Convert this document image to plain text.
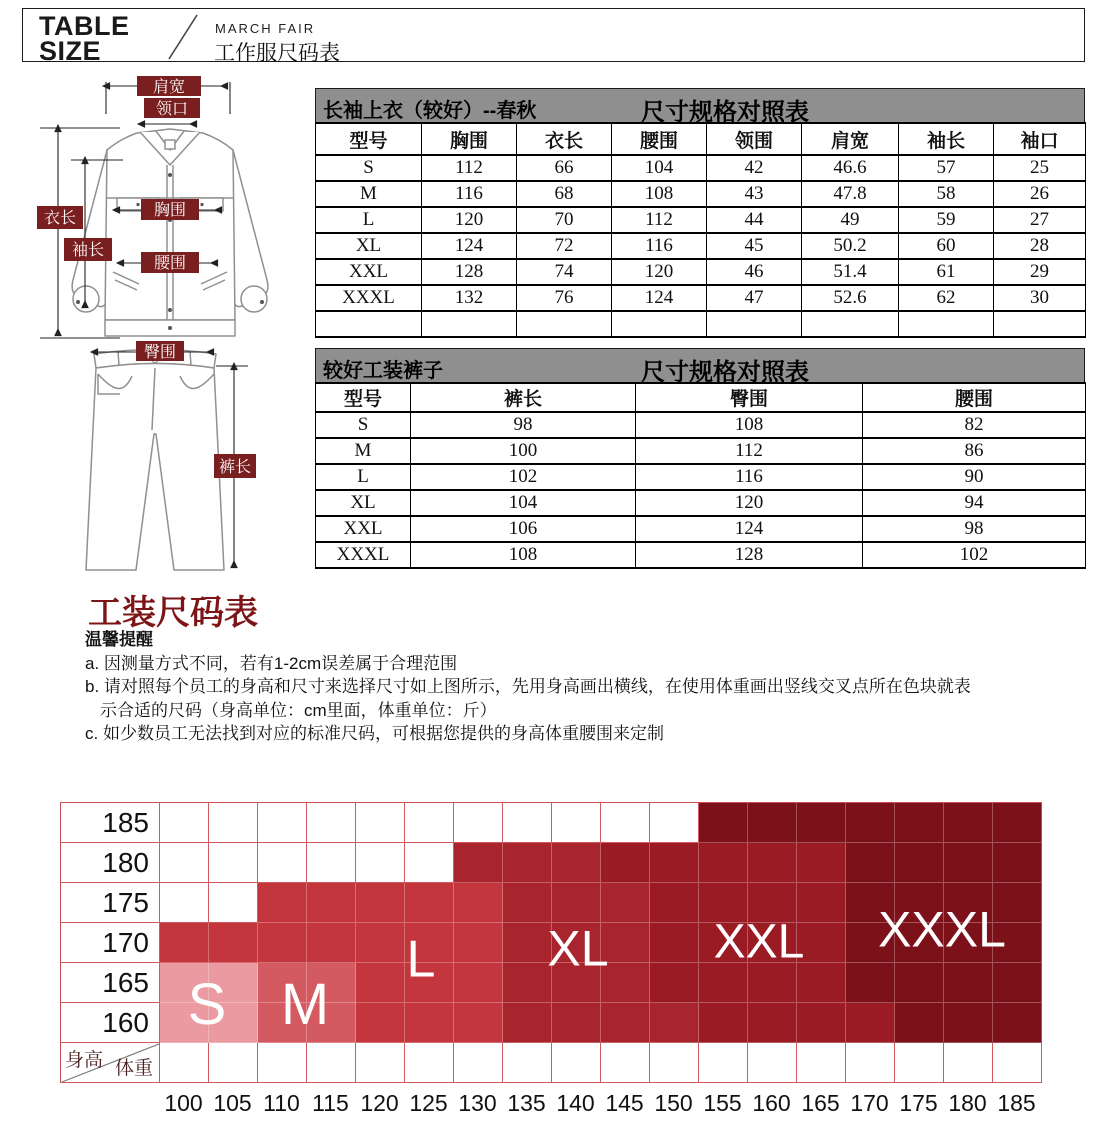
TABLE
SIZE
MARCH FAIR
工作服尺码表
肩宽
领口
衣长
袖长
胸围
腰围
臀围
裤长
长袖上衣（较好）--春秋	尺寸规格对照表
型号	胸围	衣长	腰围	领围	肩宽	袖长	袖口
S	112	66	104	42	46.6	57	25
M	116	68	108	43	47.8	58	26
L	120	70	112	44	49	59	27
XL	124	72	116	45	50.2	60	28
XXL	128	74	120	46	51.4	61	29
XXXL	132	76	124	47	52.6	62	30

较好工装裤子	尺寸规格对照表
型号	裤长	臀围	腰围
S	98	108	82
M	100	112	86
L	102	116	90
XL	104	120	94
XXL	106	124	98
XXXL	108	128	102
工装尺码表
温馨提醒
a. 因测量方式不同，若有1-2cm误差属于合理范围
b. 请对照每个员工的身高和尺寸来选择尺寸如上图所示，先用身高画出横线，在使用体重画出竖线交叉点所在色块就表
示合适的尺码（身高单位：cm里面，体重单位：斤）
c. 如少数员工无法找到对应的标准尺码，可根据您提供的身高体重腰围来定制
185
180
175
170
165
160
身高 体重
S M
L XL XXL XXXL
100 105 110 115 120 125 130 135 140 145 150 155 160 165 170 175 180 185
